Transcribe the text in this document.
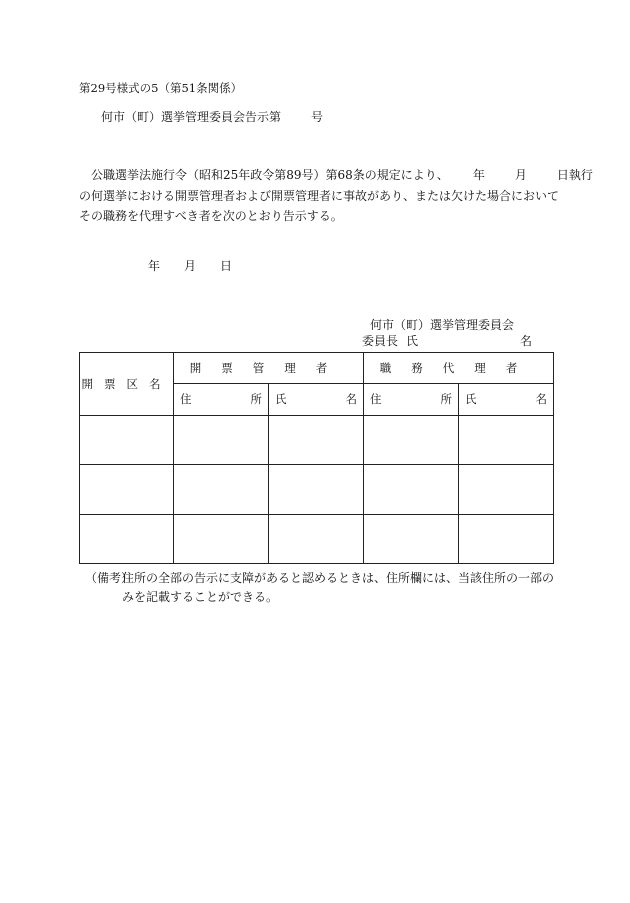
第29号様式の5（第51条関係）
何市（町）選挙管理委員会告示第	号

公職選挙法施行令（昭和25年政令第89号）第68条の規定により、 年	月	日執行

の何選挙における開票管理者および開票管理者に事故があり、または欠けた場合において

その職務を代理すべき者を次のとおり告示する。

年 月 日
何市（町）選挙管理委員会
委員長 氏	名
開票区名	開票管理者		職務代理者	
	住 所	氏 名	住 所	氏 名

（備考）
住所の全部の告示に支障があると認めるときは、住所欄には、当該住所の一部の
みを記載することができる。
